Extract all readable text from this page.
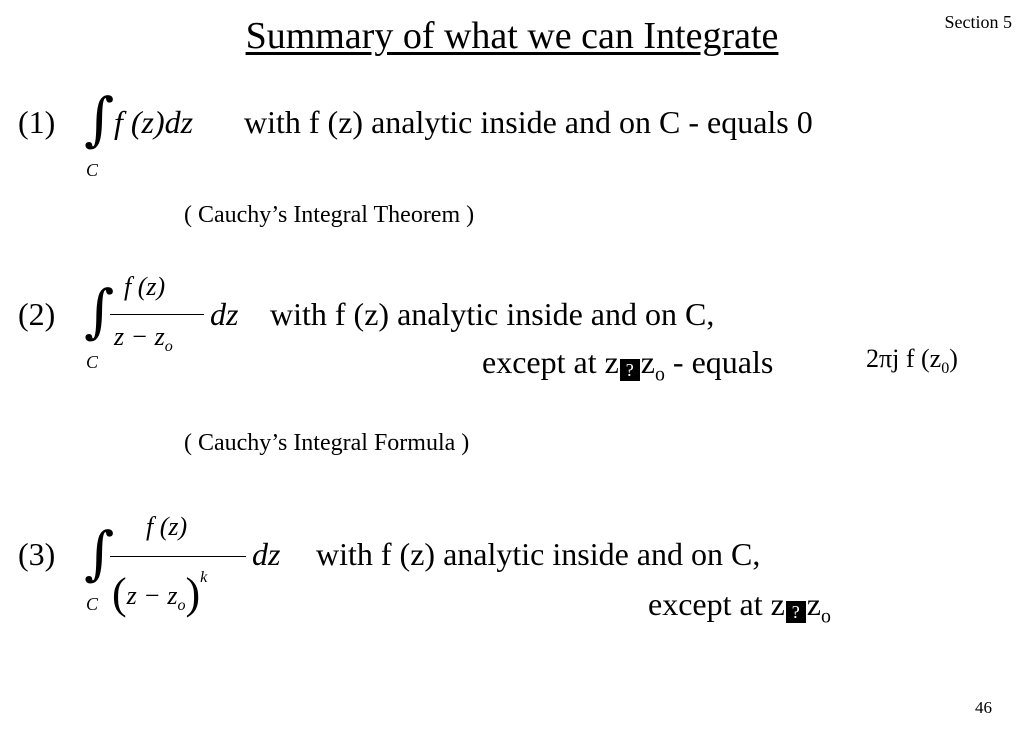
Summary of what we can Integrate	Section 5
(1) ∫
C
f (z)dz with f (z) analytic inside and on C - equals 0
( Cauchy’s Integral Theorem )
(2) ∫
C
f (z)
$z - z_o$
dz with f (z) analytic inside and on C,
except at z ? $z_o$ - equals	2πj f $(z_0)$
( Cauchy’s Integral Formula )
(3) ∫
C
f (z)
$(z - z_o)^k$
dz with f (z) analytic inside and on C,
except at z ? $z_o$
46
